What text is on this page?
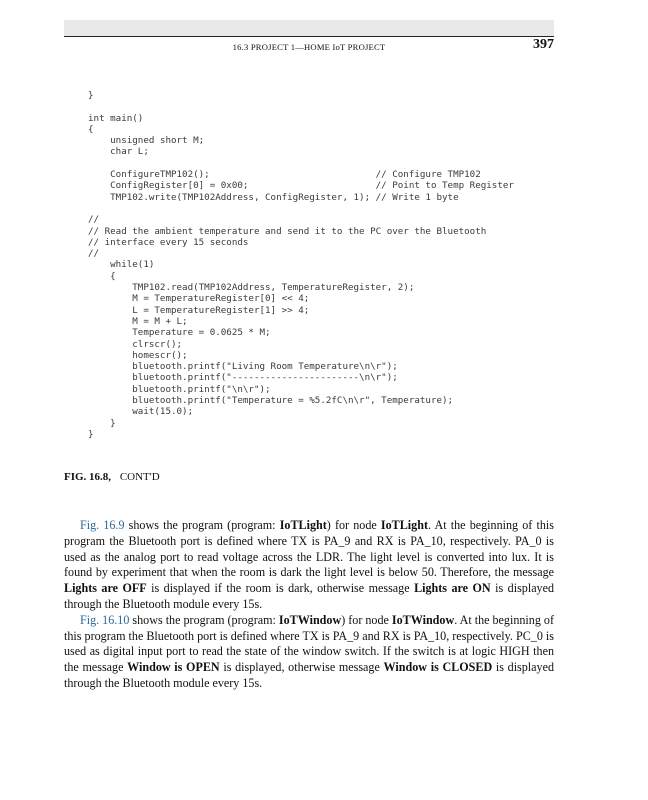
16.3 PROJECT 1—HOME IoT PROJECT	397
}

int main()
{
unsigned short M;
char L;

ConfigureTMP102();                              // Configure TMP102
ConfigRegister[0] = 0x00;                       // Point to Temp Register
TMP102.write(TMP102Address, ConfigRegister, 1); // Write 1 byte

//
// Read the ambient temperature and send it to the PC over the Bluetooth
// interface every 15 seconds
//
while(1)
{
TMP102.read(TMP102Address, TemperatureRegister, 2);
M = TemperatureRegister[0] << 4;
L = TemperatureRegister[1] >> 4;
M = M + L;
Temperature = 0.0625 * M;
clrscr();
homescr();
bluetooth.printf("Living Room Temperature\n\r");
bluetooth.printf("-----------------------\n\r");
bluetooth.printf("\n\r");
bluetooth.printf("Temperature = %5.2fC\n\r", Temperature);
wait(15.0);
}
}
FIG. 16.8, CONT'D

Fig. 16.9 shows the program (program: IoTLight) for node IoTLight. At the beginning of this program the Bluetooth port is defined where TX is PA_9 and RX is PA_10, respectively. PA_0 is used as the analog port to read voltage across the LDR. The light level is converted into lux. It is found by experiment that when the room is dark the light level is below 50. Therefore, the message Lights are OFF is displayed if the room is dark, otherwise message Lights are ON is displayed through the Bluetooth module every 15s.

Fig. 16.10 shows the program (program: IoTWindow) for node IoTWindow. At the beginning of this program the Bluetooth port is defined where TX is PA_9 and RX is PA_10, respectively. PC_0 is used as digital input port to read the state of the window switch. If the switch is at logic HIGH then the message Window is OPEN is displayed, otherwise message Window is CLOSED is displayed through the Bluetooth module every 15s.
